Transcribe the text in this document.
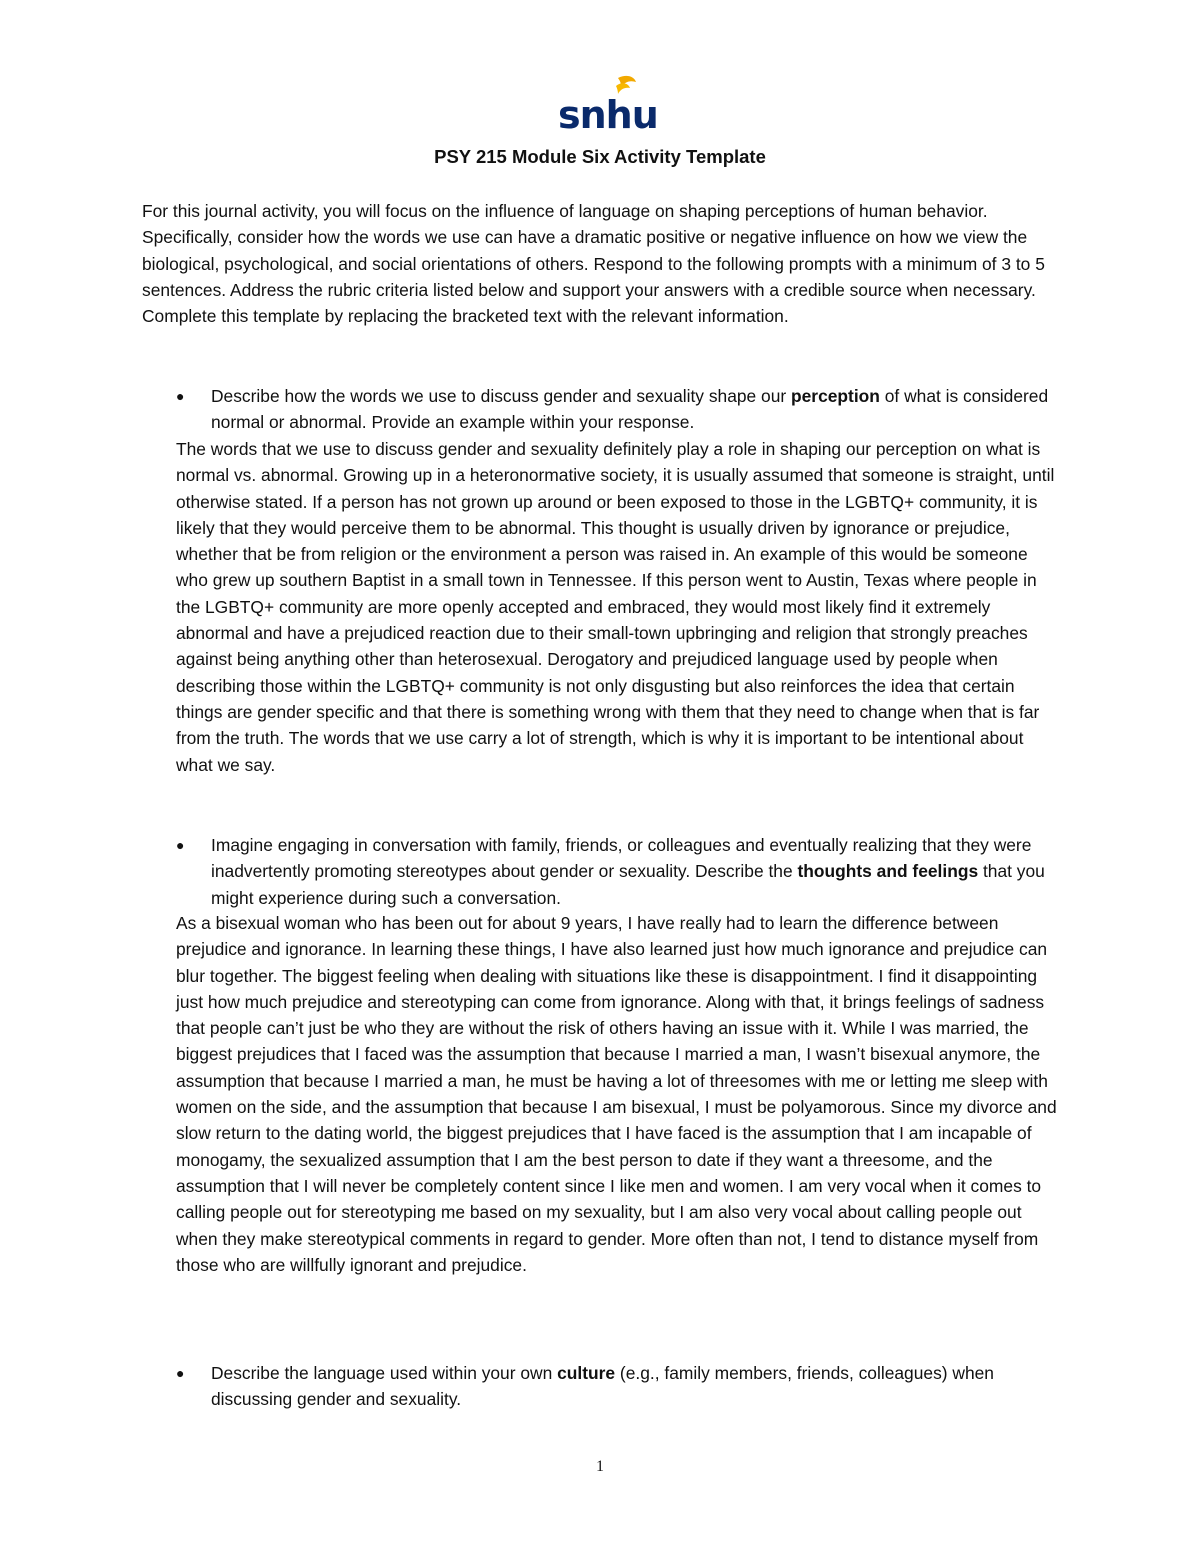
snhu
PSY 215 Module Six Activity Template

For this journal activity, you will focus on the influence of language on shaping perceptions of human behavior. Specifically, consider how the words we use can have a dramatic positive or negative influence on how we view the biological, psychological, and social orientations of others. Respond to the following prompts with a minimum of 3 to 5 sentences. Address the rubric criteria listed below and support your answers with a credible source when necessary. Complete this template by replacing the bracketed text with the relevant information.

● Describe how the words we use to discuss gender and sexuality shape our perception of what is considered normal or abnormal. Provide an example within your response.

The words that we use to discuss gender and sexuality definitely play a role in shaping our perception on what is normal vs. abnormal. Growing up in a heteronormative society, it is usually assumed that someone is straight, until otherwise stated. If a person has not grown up around or been exposed to those in the LGBTQ+ community, it is likely that they would perceive them to be abnormal. This thought is usually driven by ignorance or prejudice, whether that be from religion or the environment a person was raised in. An example of this would be someone who grew up southern Baptist in a small town in Tennessee. If this person went to Austin, Texas where people in the LGBTQ+ community are more openly accepted and embraced, they would most likely find it extremely abnormal and have a prejudiced reaction due to their small-town upbringing and religion that strongly preaches against being anything other than heterosexual. Derogatory and prejudiced language used by people when describing those within the LGBTQ+ community is not only disgusting but also reinforces the idea that certain things are gender specific and that there is something wrong with them that they need to change when that is far from the truth. The words that we use carry a lot of strength, which is why it is important to be intentional about what we say.

● Imagine engaging in conversation with family, friends, or colleagues and eventually realizing that they were inadvertently promoting stereotypes about gender or sexuality. Describe the thoughts and feelings that you might experience during such a conversation.

As a bisexual woman who has been out for about 9 years, I have really had to learn the difference between prejudice and ignorance. In learning these things, I have also learned just how much ignorance and prejudice can blur together. The biggest feeling when dealing with situations like these is disappointment. I find it disappointing just how much prejudice and stereotyping can come from ignorance. Along with that, it brings feelings of sadness that people can’t just be who they are without the risk of others having an issue with it. While I was married, the biggest prejudices that I faced was the assumption that because I married a man, I wasn’t bisexual anymore, the assumption that because I married a man, he must be having a lot of threesomes with me or letting me sleep with women on the side, and the assumption that because I am bisexual, I must be polyamorous. Since my divorce and slow return to the dating world, the biggest prejudices that I have faced is the assumption that I am incapable of monogamy, the sexualized assumption that I am the best person to date if they want a threesome, and the assumption that I will never be completely content since I like men and women. I am very vocal when it comes to calling people out for stereotyping me based on my sexuality, but I am also very vocal about calling people out when they make stereotypical comments in regard to gender. More often than not, I tend to distance myself from those who are willfully ignorant and prejudice.

● Describe the language used within your own culture (e.g., family members, friends, colleagues) when discussing gender and sexuality.
1
